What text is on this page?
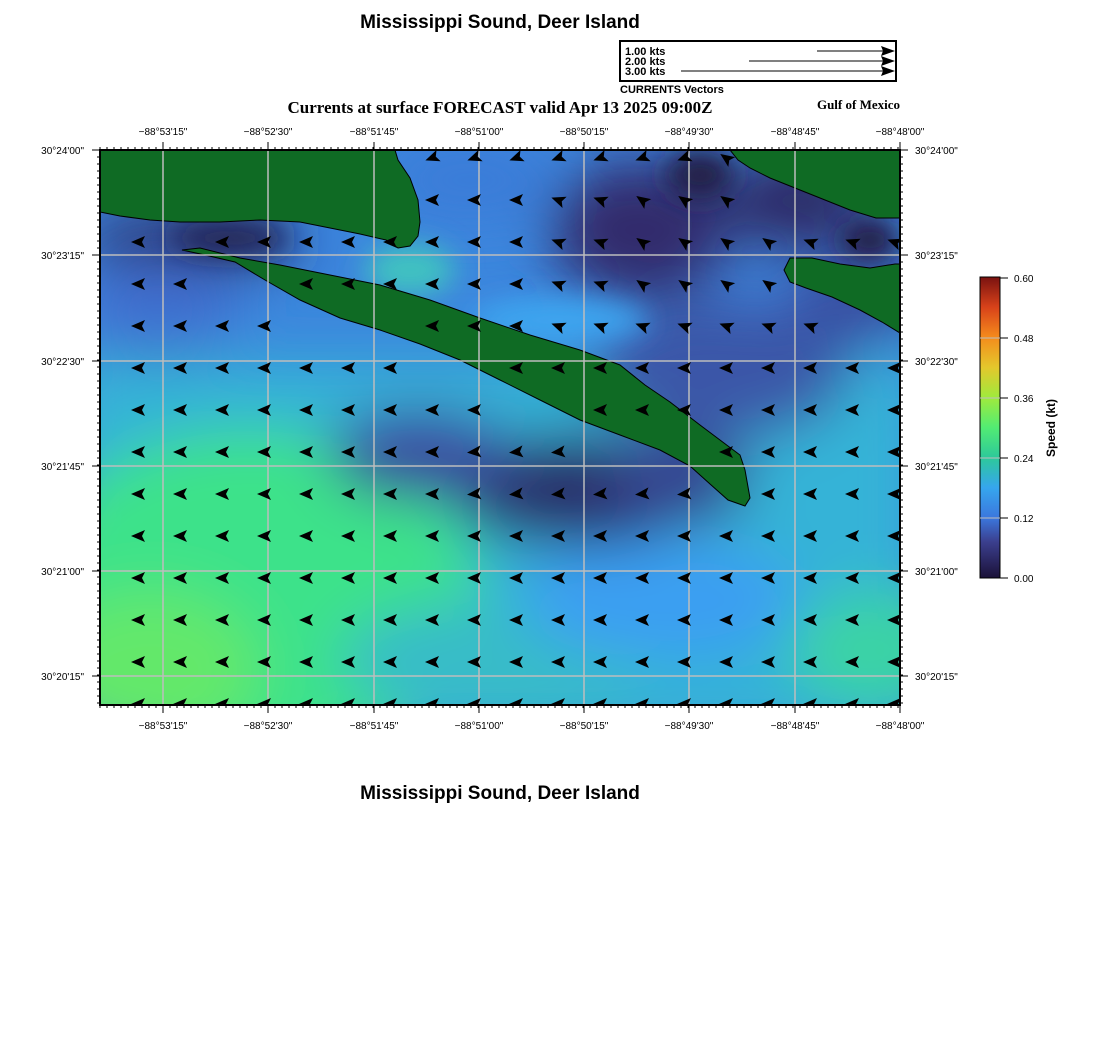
Mississippi Sound, Deer Island
1.00 kts
2.00 kts
3.00 kts
CURRENTS Vectors
Currents at surface FORECAST valid Apr 13 2025 09:00Z	Gulf of Mexico
−88°53'15"	−88°52'30"	−88°51'45"	−88°51'00"	−88°50'15"	−88°49'30"	−88°48'45"	−88°48'00"
−88°53'15"	−88°52'30"	−88°51'45"	−88°51'00"	−88°50'15"	−88°49'30"	−88°48'45"	−88°48'00"
30°24'00"
30°23'15"
30°22'30"
30°21'45"
30°21'00"
30°20'15"
30°24'00"
30°23'15"
30°22'30"
30°21'45"
30°21'00"
30°20'15"
0.60
0.48
0.36
0.24
0.12
0.00
Speed (kt)
Mississippi Sound, Deer Island
